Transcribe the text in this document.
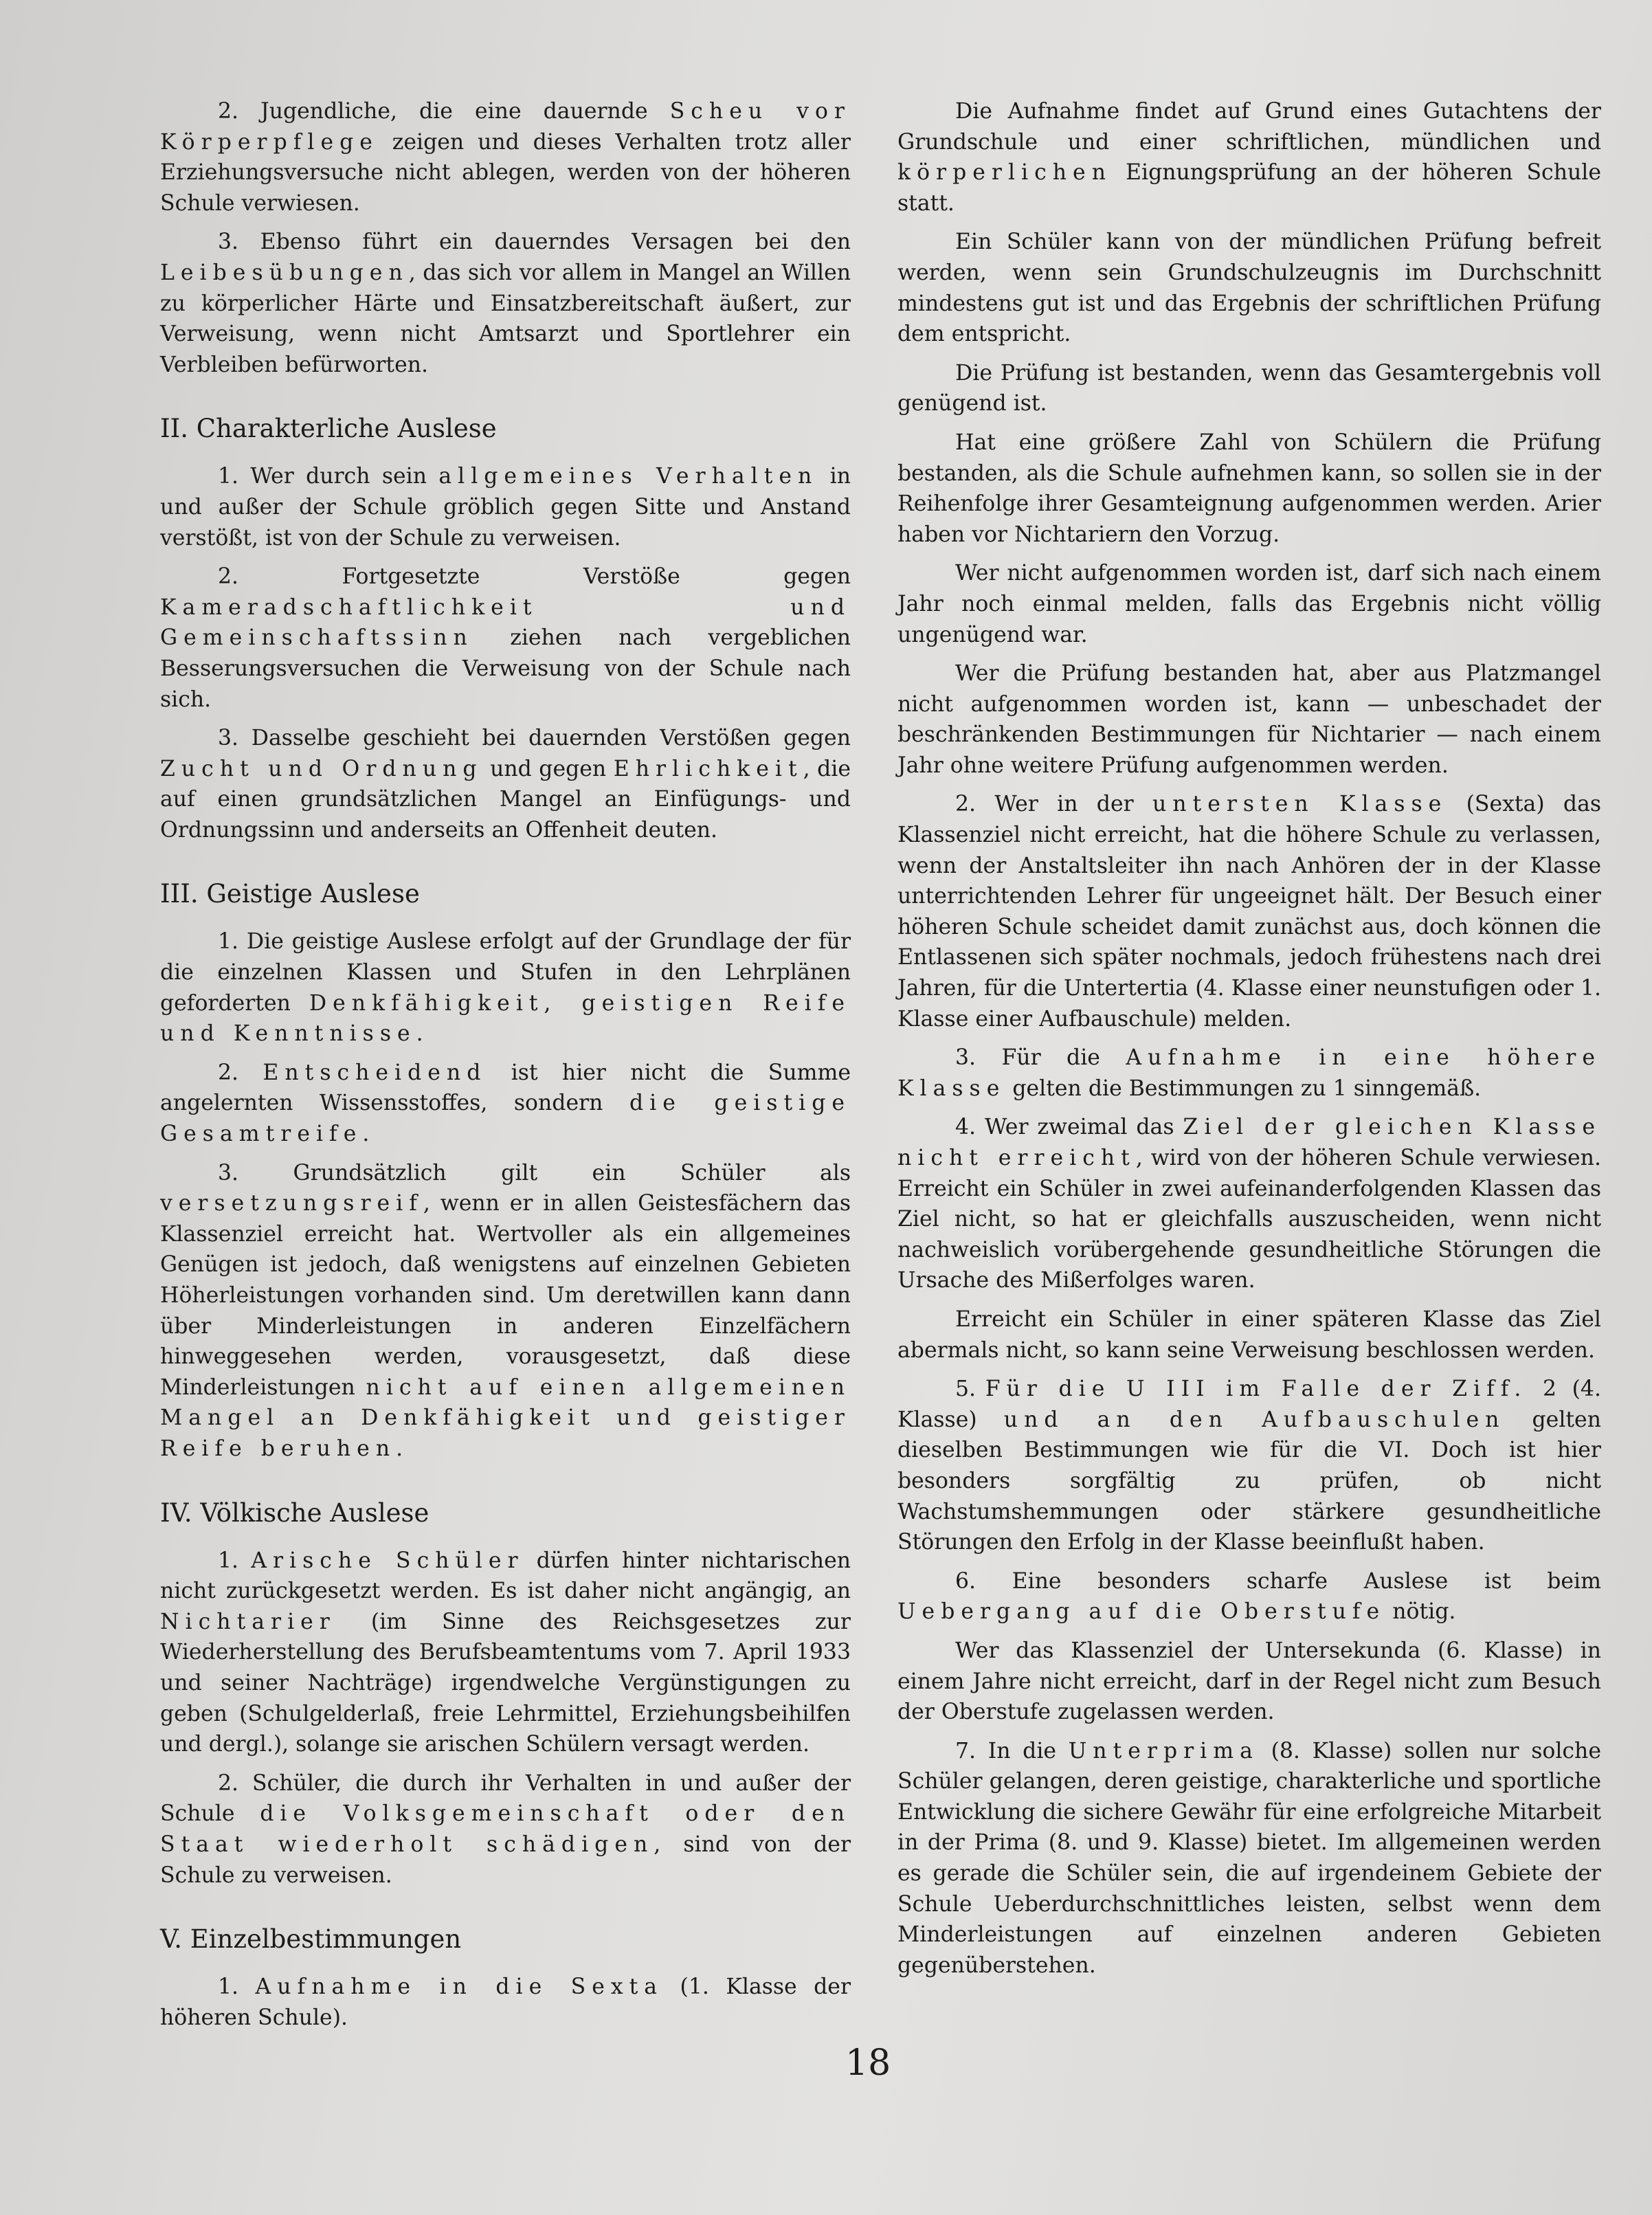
2. Jugendliche, die eine dauernde Scheu vor Körperpflege zeigen und dieses Verhalten trotz aller Erziehungsversuche nicht ablegen, werden von der höheren Schule verwiesen.

3. Ebenso führt ein dauerndes Versagen bei den Leibesübungen, das sich vor allem in Mangel an Willen zu körperlicher Härte und Einsatzbereitschaft äußert, zur Verweisung, wenn nicht Amtsarzt und Sportlehrer ein Verbleiben befürworten.

II. Charakterliche Auslese

1. Wer durch sein allgemeines Verhalten in und außer der Schule gröblich gegen Sitte und Anstand verstößt, ist von der Schule zu verweisen.

2. Fortgesetzte Verstöße gegen Kameradschaftlichkeit und Gemeinschaftssinn ziehen nach vergeblichen Besserungsversuchen die Verweisung von der Schule nach sich.

3. Dasselbe geschieht bei dauernden Verstößen gegen Zucht und Ordnung und gegen Ehrlichkeit, die auf einen grundsätzlichen Mangel an Einfügungs- und Ordnungssinn und anderseits an Offenheit deuten.

III. Geistige Auslese

1. Die geistige Auslese erfolgt auf der Grundlage der für die einzelnen Klassen und Stufen in den Lehrplänen geforderten Denkfähigkeit, geistigen Reife und Kenntnisse.

2. Entscheidend ist hier nicht die Summe angelernten Wissensstoffes, sondern die geistige Gesamtreife.

3. Grundsätzlich gilt ein Schüler als versetzungsreif, wenn er in allen Geistesfächern das Klassenziel erreicht hat. Wertvoller als ein allgemeines Genügen ist jedoch, daß wenigstens auf einzelnen Gebieten Höherleistungen vorhanden sind. Um deretwillen kann dann über Minderleistungen in anderen Einzelfächern hinweggesehen werden, vorausgesetzt, daß diese Minderleistungen nicht auf einen allgemeinen Mangel an Denkfähigkeit und geistiger Reife beruhen.

IV. Völkische Auslese

1. Arische Schüler dürfen hinter nichtarischen nicht zurückgesetzt werden. Es ist daher nicht angängig, an Nichtarier (im Sinne des Reichsgesetzes zur Wiederherstellung des Berufsbeamtentums vom 7. April 1933 und seiner Nachträge) irgendwelche Vergünstigungen zu geben (Schulgelderlaß, freie Lehrmittel, Erziehungsbeihilfen und dergl.), solange sie arischen Schülern versagt werden.

2. Schüler, die durch ihr Verhalten in und außer der Schule die Volksgemeinschaft oder den Staat wiederholt schädigen, sind von der Schule zu verweisen.

V. Einzelbestimmungen

1. Aufnahme in die Sexta (1. Klasse der höheren Schule).

Die Aufnahme findet auf Grund eines Gutachtens der Grundschule und einer schriftlichen, mündlichen und körperlichen Eignungsprüfung an der höheren Schule statt.

Ein Schüler kann von der mündlichen Prüfung befreit werden, wenn sein Grundschulzeugnis im Durchschnitt mindestens gut ist und das Ergebnis der schriftlichen Prüfung dem entspricht.

Die Prüfung ist bestanden, wenn das Gesamtergebnis voll genügend ist.

Hat eine größere Zahl von Schülern die Prüfung bestanden, als die Schule aufnehmen kann, so sollen sie in der Reihenfolge ihrer Gesamteignung aufgenommen werden. Arier haben vor Nichtariern den Vorzug.

Wer nicht aufgenommen worden ist, darf sich nach einem Jahr noch einmal melden, falls das Ergebnis nicht völlig ungenügend war.

Wer die Prüfung bestanden hat, aber aus Platzmangel nicht aufgenommen worden ist, kann — unbeschadet der beschränkenden Bestimmungen für Nichtarier — nach einem Jahr ohne weitere Prüfung aufgenommen werden.

2. Wer in der untersten Klasse (Sexta) das Klassenziel nicht erreicht, hat die höhere Schule zu verlassen, wenn der Anstaltsleiter ihn nach Anhören der in der Klasse unterrichtenden Lehrer für ungeeignet hält. Der Besuch einer höheren Schule scheidet damit zunächst aus, doch können die Entlassenen sich später nochmals, jedoch frühestens nach drei Jahren, für die Untertertia (4. Klasse einer neunstufigen oder 1. Klasse einer Aufbauschule) melden.

3. Für die Aufnahme in eine höhere Klasse gelten die Bestimmungen zu 1 sinngemäß.

4. Wer zweimal das Ziel der gleichen Klasse nicht erreicht, wird von der höheren Schule verwiesen. Erreicht ein Schüler in zwei aufeinanderfolgenden Klassen das Ziel nicht, so hat er gleichfalls auszuscheiden, wenn nicht nachweislich vorübergehende gesundheitliche Störungen die Ursache des Mißerfolges waren.

Erreicht ein Schüler in einer späteren Klasse das Ziel abermals nicht, so kann seine Verweisung beschlossen werden.

5. Für die U III im Falle der Ziff. 2 (4. Klasse) und an den Aufbauschulen gelten dieselben Bestimmungen wie für die VI. Doch ist hier besonders sorgfältig zu prüfen, ob nicht Wachstumshemmungen oder stärkere gesundheitliche Störungen den Erfolg in der Klasse beeinflußt haben.

6. Eine besonders scharfe Auslese ist beim Uebergang auf die Oberstufe nötig.

Wer das Klassenziel der Untersekunda (6. Klasse) in einem Jahre nicht erreicht, darf in der Regel nicht zum Besuch der Oberstufe zugelassen werden.

7. In die Unterprima (8. Klasse) sollen nur solche Schüler gelangen, deren geistige, charakterliche und sportliche Entwicklung die sichere Gewähr für eine erfolgreiche Mitarbeit in der Prima (8. und 9. Klasse) bietet. Im allgemeinen werden es gerade die Schüler sein, die auf irgendeinem Gebiete der Schule Ueberdurchschnittliches leisten, selbst wenn dem Minderleistungen auf einzelnen anderen Gebieten gegenüberstehen.

18
